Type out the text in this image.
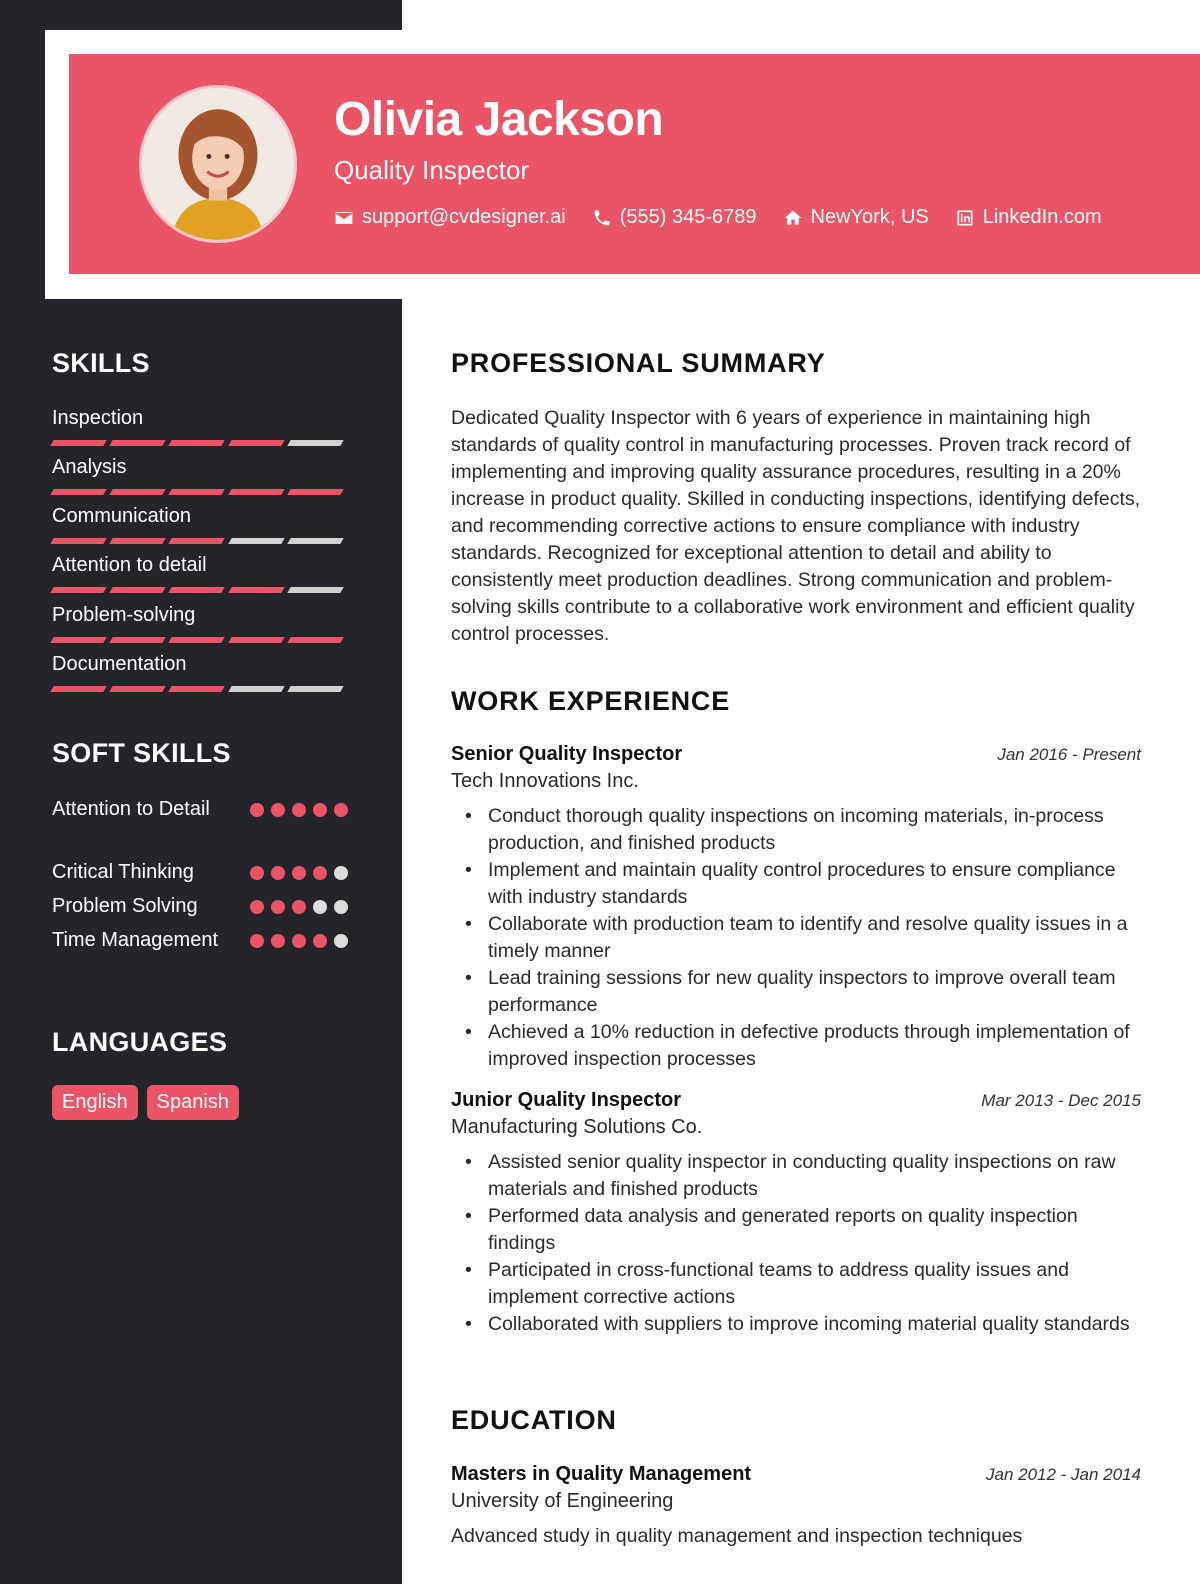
Olivia Jackson
Quality Inspector
support@cvdesigner.ai	(555) 345-6789	NewYork, US	LinkedIn.com
SKILLS
Inspection
Analysis
Communication
Attention to detail
Problem-solving
Documentation
SOFT SKILLS
Attention to Detail
Critical Thinking
Problem Solving
Time Management
LANGUAGES
English	Spanish
PROFESSIONAL SUMMARY
Dedicated Quality Inspector with 6 years of experience in maintaining high standards of quality control in manufacturing processes. Proven track record of implementing and improving quality assurance procedures, resulting in a 20% increase in product quality. Skilled in conducting inspections, identifying defects, and recommending corrective actions to ensure compliance with industry standards. Recognized for exceptional attention to detail and ability to consistently meet production deadlines. Strong communication and problem-solving skills contribute to a collaborative work environment and efficient quality control processes.
WORK EXPERIENCE
Senior Quality Inspector	Jan 2016 - Present
Tech Innovations Inc.
• Conduct thorough quality inspections on incoming materials, in-process production, and finished products
• Implement and maintain quality control procedures to ensure compliance with industry standards
• Collaborate with production team to identify and resolve quality issues in a timely manner
• Lead training sessions for new quality inspectors to improve overall team performance
• Achieved a 10% reduction in defective products through implementation of improved inspection processes
Junior Quality Inspector	Mar 2013 - Dec 2015
Manufacturing Solutions Co.
• Assisted senior quality inspector in conducting quality inspections on raw materials and finished products
• Performed data analysis and generated reports on quality inspection findings
• Participated in cross-functional teams to address quality issues and implement corrective actions
• Collaborated with suppliers to improve incoming material quality standards
EDUCATION
Masters in Quality Management	Jan 2012 - Jan 2014
University of Engineering
Advanced study in quality management and inspection techniques
